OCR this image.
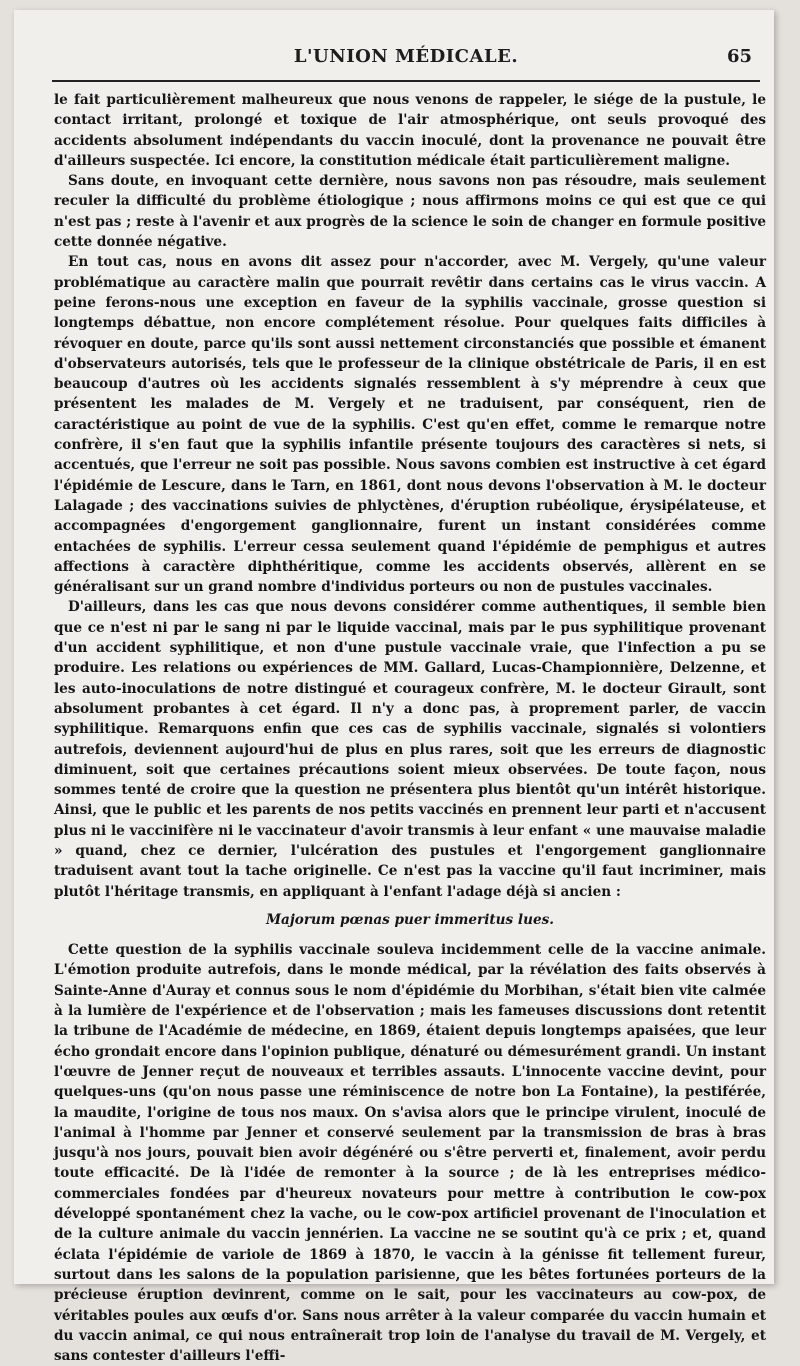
L'UNION MÉDICALE.	65

le fait particulièrement malheureux que nous venons de rappeler, le siége de la pustule, le contact irritant, prolongé et toxique de l'air atmosphérique, ont seuls provoqué des accidents absolument indépendants du vaccin inoculé, dont la provenance ne pouvait être d'ailleurs suspectée. Ici encore, la constitution médicale était particulièrement maligne.

Sans doute, en invoquant cette dernière, nous savons non pas résoudre, mais seulement reculer la difficulté du problème étiologique ; nous affirmons moins ce qui est que ce qui n'est pas ; reste à l'avenir et aux progrès de la science le soin de changer en formule positive cette donnée négative.

En tout cas, nous en avons dit assez pour n'accorder, avec M. Vergely, qu'une valeur problématique au caractère malin que pourrait revêtir dans certains cas le virus vaccin. A peine ferons-nous une exception en faveur de la syphilis vaccinale, grosse question si longtemps débattue, non encore complétement résolue. Pour quelques faits difficiles à révoquer en doute, parce qu'ils sont aussi nettement circonstanciés que possible et émanent d'observateurs autorisés, tels que le professeur de la clinique obstétricale de Paris, il en est beaucoup d'autres où les accidents signalés ressemblent à s'y méprendre à ceux que présentent les malades de M. Vergely et ne traduisent, par conséquent, rien de caractéristique au point de vue de la syphilis. C'est qu'en effet, comme le remarque notre confrère, il s'en faut que la syphilis infantile présente toujours des caractères si nets, si accentués, que l'erreur ne soit pas possible. Nous savons combien est instructive à cet égard l'épidémie de Lescure, dans le Tarn, en 1861, dont nous devons l'observation à M. le docteur Lalagade ; des vaccinations suivies de phlyctènes, d'éruption rubéolique, érysipélateuse, et accompagnées d'engorgement ganglionnaire, furent un instant considérées comme entachées de syphilis. L'erreur cessa seulement quand l'épidémie de pemphigus et autres affections à caractère diphthéritique, comme les accidents observés, allèrent en se généralisant sur un grand nombre d'individus porteurs ou non de pustules vaccinales.

D'ailleurs, dans les cas que nous devons considérer comme authentiques, il semble bien que ce n'est ni par le sang ni par le liquide vaccinal, mais par le pus syphilitique provenant d'un accident syphilitique, et non d'une pustule vaccinale vraie, que l'infection a pu se produire. Les relations ou expériences de MM. Gallard, Lucas-Championnière, Delzenne, et les auto-inoculations de notre distingué et courageux confrère, M. le docteur Girault, sont absolument probantes à cet égard. Il n'y a donc pas, à proprement parler, de vaccin syphilitique. Remarquons enfin que ces cas de syphilis vaccinale, signalés si volontiers autrefois, deviennent aujourd'hui de plus en plus rares, soit que les erreurs de diagnostic diminuent, soit que certaines précautions soient mieux observées. De toute façon, nous sommes tenté de croire que la question ne présentera plus bientôt qu'un intérêt historique. Ainsi, que le public et les parents de nos petits vaccinés en prennent leur parti et n'accusent plus ni le vaccinifère ni le vaccinateur d'avoir transmis à leur enfant « une mauvaise maladie » quand, chez ce dernier, l'ulcération des pustules et l'engorgement ganglionnaire traduisent avant tout la tache originelle. Ce n'est pas la vaccine qu'il faut incriminer, mais plutôt l'héritage transmis, en appliquant à l'enfant l'adage déjà si ancien :

Majorum pœnas puer immeritus lues.

Cette question de la syphilis vaccinale souleva incidemment celle de la vaccine animale. L'émotion produite autrefois, dans le monde médical, par la révélation des faits observés à Sainte-Anne d'Auray et connus sous le nom d'épidémie du Morbihan, s'était bien vite calmée à la lumière de l'expérience et de l'observation ; mais les fameuses discussions dont retentit la tribune de l'Académie de médecine, en 1869, étaient depuis longtemps apaisées, que leur écho grondait encore dans l'opinion publique, dénaturé ou démesurément grandi. Un instant l'œuvre de Jenner reçut de nouveaux et terribles assauts. L'innocente vaccine devint, pour quelques-uns (qu'on nous passe une réminiscence de notre bon La Fontaine), la pestiférée, la maudite, l'origine de tous nos maux. On s'avisa alors que le principe virulent, inoculé de l'animal à l'homme par Jenner et conservé seulement par la transmission de bras à bras jusqu'à nos jours, pouvait bien avoir dégénéré ou s'être perverti et, finalement, avoir perdu toute efficacité. De là l'idée de remonter à la source ; de là les entreprises médico-commerciales fondées par d'heureux novateurs pour mettre à contribution le cow-pox développé spontanément chez la vache, ou le cow-pox artificiel provenant de l'inoculation et de la culture animale du vaccin jennérien. La vaccine ne se soutint qu'à ce prix ; et, quand éclata l'épidémie de variole de 1869 à 1870, le vaccin à la génisse fit tellement fureur, surtout dans les salons de la population parisienne, que les bêtes fortunées porteurs de la précieuse éruption devinrent, comme on le sait, pour les vaccinateurs au cow-pox, de véritables poules aux œufs d'or. Sans nous arrêter à la valeur comparée du vaccin humain et du vaccin animal, ce qui nous entraînerait trop loin de l'analyse du travail de M. Vergely, et sans contester d'ailleurs l'effi-
